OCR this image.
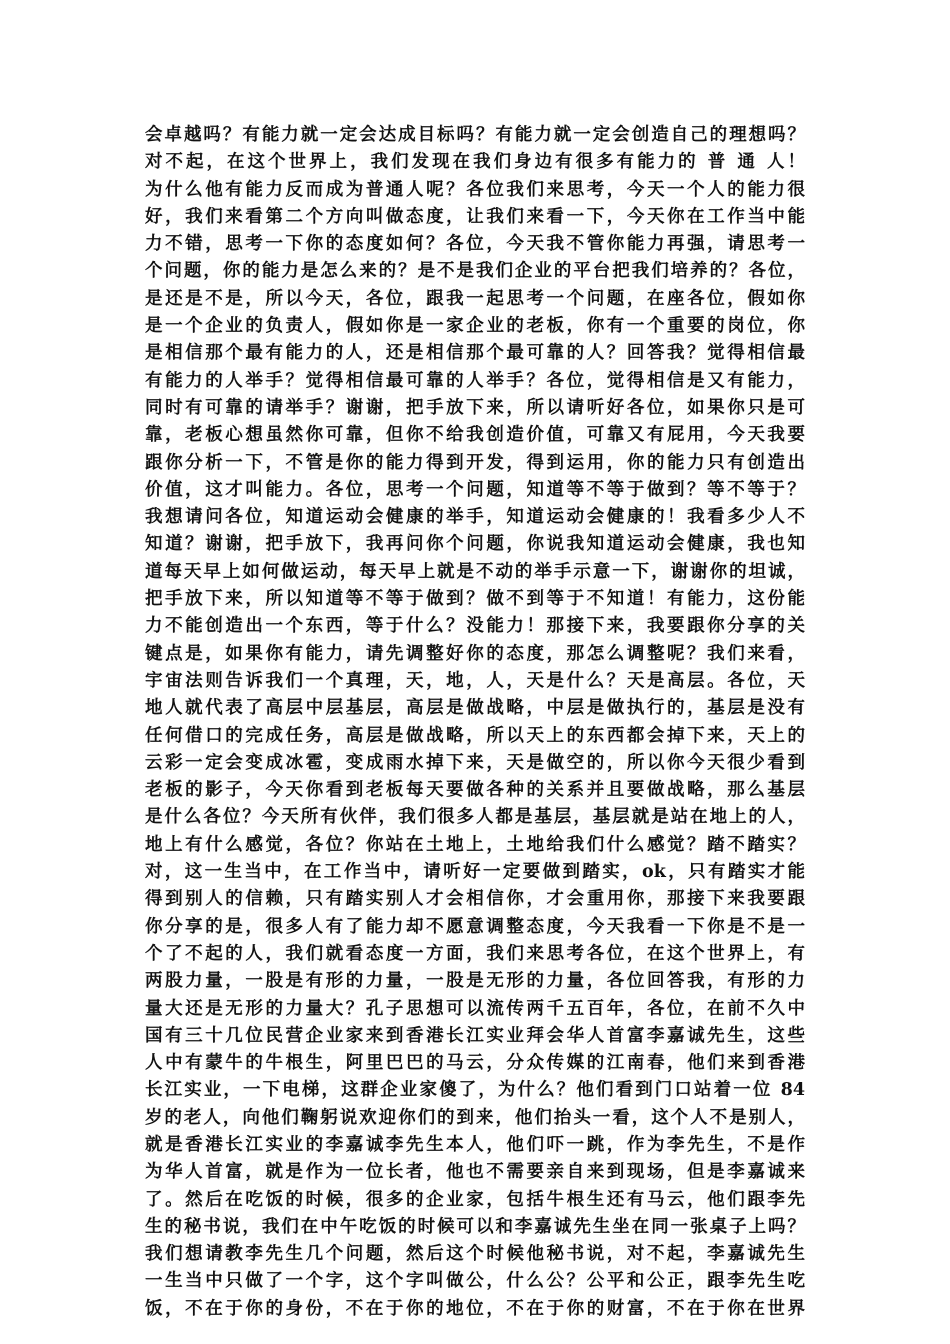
会卓越吗？有能力就一定会达成目标吗？有能力就一定会创造自己的理想吗？
对不起，在这个世界上，我们发现在我们身边有很多有能力的 普 通 人！
为什么他有能力反而成为普通人呢？各位我们来思考，今天一个人的能力很
好，我们来看第二个方向叫做态度，让我们来看一下，今天你在工作当中能
力不错，思考一下你的态度如何？各位，今天我不管你能力再强，请思考一
个问题，你的能力是怎么来的？是不是我们企业的平台把我们培养的？各位，
是还是不是，所以今天，各位，跟我一起思考一个问题，在座各位，假如你
是一个企业的负责人，假如你是一家企业的老板，你有一个重要的岗位，你
是相信那个最有能力的人，还是相信那个最可靠的人？回答我？觉得相信最
有能力的人举手？觉得相信最可靠的人举手？各位，觉得相信是又有能力，
同时有可靠的请举手？谢谢，把手放下来，所以请听好各位，如果你只是可
靠，老板心想虽然你可靠，但你不给我创造价值，可靠又有屁用，今天我要
跟你分析一下，不管是你的能力得到开发，得到运用，你的能力只有创造出
价值，这才叫能力。各位，思考一个问题，知道等不等于做到？等不等于？
我想请问各位，知道运动会健康的举手，知道运动会健康的！我看多少人不
知道？谢谢，把手放下，我再问你个问题，你说我知道运动会健康，我也知
道每天早上如何做运动，每天早上就是不动的举手示意一下，谢谢你的坦诚，
把手放下来，所以知道等不等于做到？做不到等于不知道！有能力，这份能
力不能创造出一个东西，等于什么？没能力！那接下来，我要跟你分享的关
键点是，如果你有能力，请先调整好你的态度，那怎么调整呢？我们来看，
宇宙法则告诉我们一个真理，天，地，人，天是什么？天是高层。各位，天
地人就代表了高层中层基层，高层是做战略，中层是做执行的，基层是没有
任何借口的完成任务，高层是做战略，所以天上的东西都会掉下来，天上的
云彩一定会变成冰雹，变成雨水掉下来，天是做空的，所以你今天很少看到
老板的影子，今天你看到老板每天要做各种的关系并且要做战略，那么基层
是什么各位？今天所有伙伴，我们很多人都是基层，基层就是站在地上的人，
地上有什么感觉，各位？你站在土地上，土地给我们什么感觉？踏不踏实？
对，这一生当中，在工作当中，请听好一定要做到踏实，ok，只有踏实才能
得到别人的信赖，只有踏实别人才会相信你，才会重用你，那接下来我要跟
你分享的是，很多人有了能力却不愿意调整态度，今天我看一下你是不是一
个了不起的人，我们就看态度一方面，我们来思考各位，在这个世界上，有
两股力量，一股是有形的力量，一股是无形的力量，各位回答我，有形的力
量大还是无形的力量大？孔子思想可以流传两千五百年，各位，在前不久中
国有三十几位民营企业家来到香港长江实业拜会华人首富李嘉诚先生，这些
人中有蒙牛的牛根生，阿里巴巴的马云，分众传媒的江南春，他们来到香港
长江实业，一下电梯，这群企业家傻了，为什么？他们看到门口站着一位 84
岁的老人，向他们鞠躬说欢迎你们的到来，他们抬头一看，这个人不是别人，
就是香港长江实业的李嘉诚李先生本人，他们吓一跳，作为李先生，不是作
为华人首富，就是作为一位长者，他也不需要亲自来到现场，但是李嘉诚来
了。然后在吃饭的时候，很多的企业家，包括牛根生还有马云，他们跟李先
生的秘书说，我们在中午吃饭的时候可以和李嘉诚先生坐在同一张桌子上吗？
我们想请教李先生几个问题，然后这个时候他秘书说，对不起，李嘉诚先生
一生当中只做了一个字，这个字叫做公，什么公？公平和公正，跟李先生吃
饭，不在于你的身份，不在于你的地位，不在于你的财富，不在于你在世界
